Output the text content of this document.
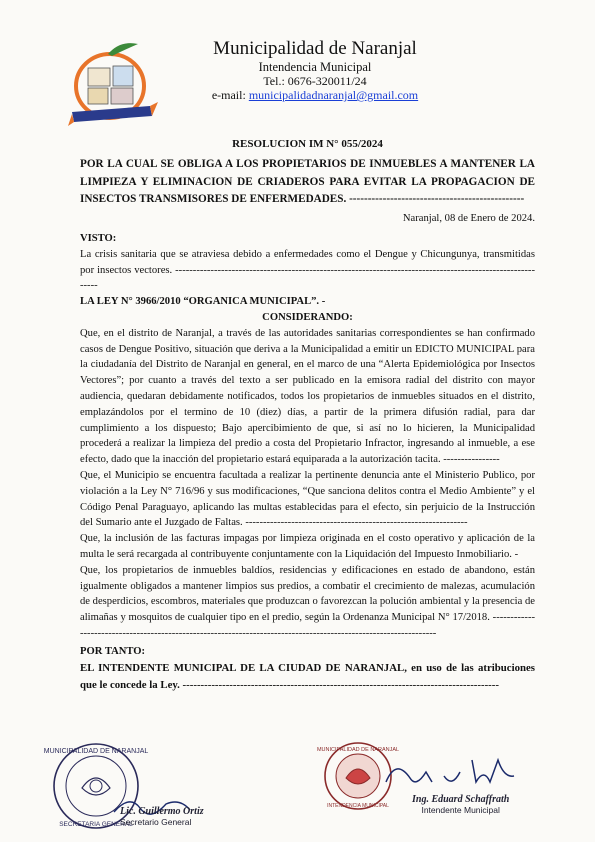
Municipalidad de Naranjal
Intendencia Municipal
Tel.: 0676-320011/24
e-mail: municipalidadnaranjal@gmail.com

RESOLUCION IM N° 055/2024

POR LA CUAL SE OBLIGA A LOS PROPIETARIOS DE INMUEBLES A MANTENER LA LIMPIEZA Y ELIMINACION DE CRIADEROS PARA EVITAR LA PROPAGACION DE INSECTOS TRANSMISORES DE ENFERMEDADES. -----------------------------------------------

Naranjal, 08 de Enero de 2024.

VISTO:

La crisis sanitaria que se atraviesa debido a enfermedades como el Dengue y Chicungunya, transmitidas por insectos vectores. -----------------------------------------------------------------------------------------------------------

LA LEY N° 3966/2010 “ORGANICA MUNICIPAL”. -

CONSIDERANDO:

Que, en el distrito de Naranjal, a través de las autoridades sanitarias correspondientes se han confirmado casos de Dengue Positivo, situación que deriva a la Municipalidad a emitir un EDICTO MUNICIPAL para la ciudadanía del Distrito de Naranjal en general, en el marco de una “Alerta Epidemiológica por Insectos Vectores”; por cuanto a través del texto a ser publicado en la emisora radial del distrito con mayor audiencia, quedaran debidamente notificados, todos los propietarios de inmuebles situados en el distrito, emplazándolos por el termino de 10 (diez) días, a partir de la primera difusión radial, para dar cumplimiento a los dispuesto; Bajo apercibimiento de que, si así no lo hicieren, la Municipalidad procederá a realizar la limpieza del predio a costa del Propietario Infractor, ingresando al inmueble, a ese efecto, dado que la inacción del propietario estará equiparada a la autorización tacita. ----------------

Que, el Municipio se encuentra facultada a realizar la pertinente denuncia ante el Ministerio Publico, por violación a la Ley N° 716/96 y sus modificaciones, “Que sanciona delitos contra el Medio Ambiente” y el Código Penal Paraguayo, aplicando las multas establecidas para el efecto, sin perjuicio de la Instrucción del Sumario ante el Juzgado de Faltas. ---------------------------------------------------------------

Que, la inclusión de las facturas impagas por limpieza originada en el costo operativo y aplicación de la multa le será recargada al contribuyente conjuntamente con la Liquidación del Impuesto Inmobiliario. -

Que, los propietarios de inmuebles baldíos, residencias y edificaciones en estado de abandono, están igualmente obligados a mantener limpios sus predios, a combatir el crecimiento de malezas, acumulación de desperdicios, escombros, materiales que produzcan o favorezcan la polución ambiental y la presencia de alimañas y mosquitos de cualquier tipo en el predio, según la Ordenanza Municipal N° 17/2018. -----------------------------------------------------------------------------------------------------------------

POR TANTO:

EL INTENDENTE MUNICIPAL DE LA CIUDAD DE NARANJAL, en uso de las atribuciones que le concede la Ley. ----------------------------------------------------------------------------------------

MUNICIPALIDAD DE NARANJAL
SECRETARIA GENERAL
Lic. Guillermo Ortiz
Secretario General
MUNICIPALIDAD DE NARANJAL
INTENDENCIA MUNICIPAL
Ing. Eduard Schaffrath
Intendente Municipal
